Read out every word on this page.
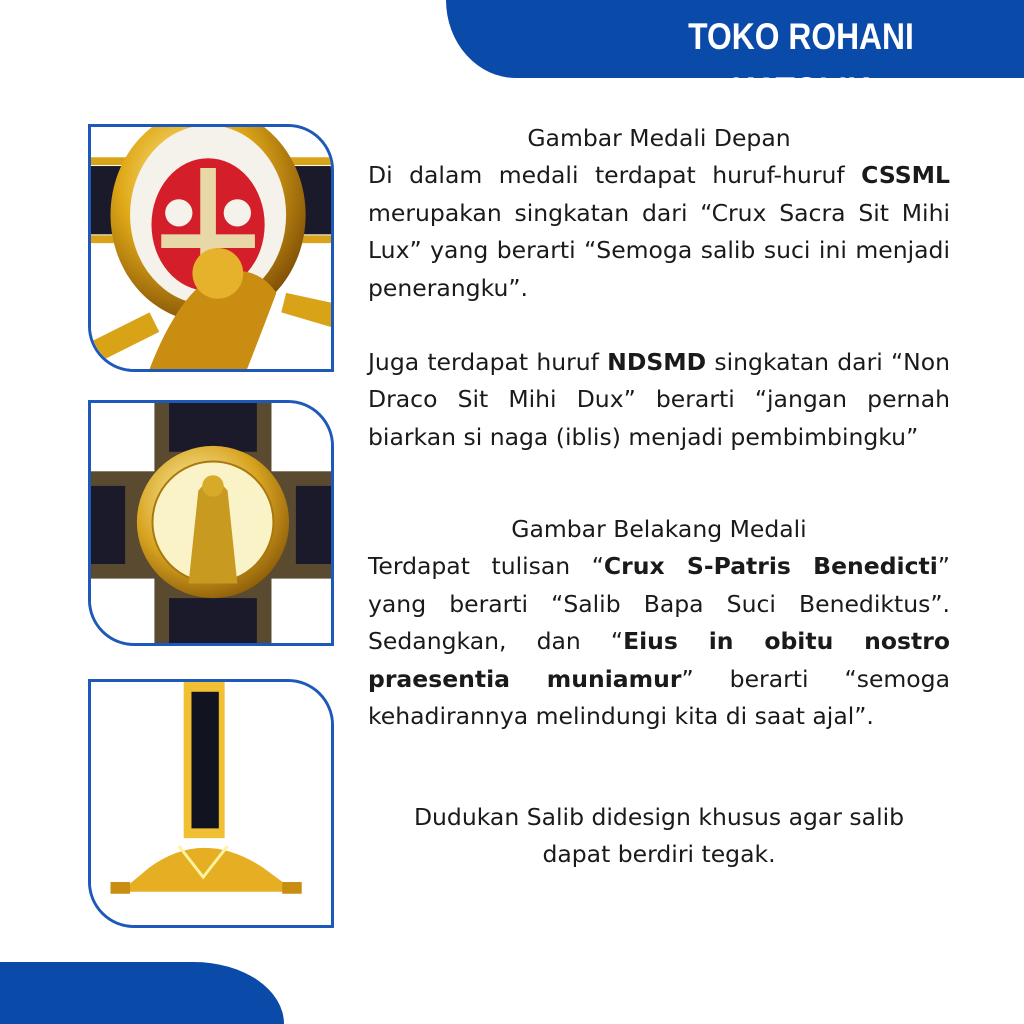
TOKO ROHANI KATOLIK
Gambar Medali Depan
Di dalam medali terdapat huruf-huruf CSSML merupakan singkatan dari “Crux Sacra Sit Mihi Lux” yang berarti “Semoga salib suci ini menjadi penerangku”.
Juga terdapat huruf NDSMD singkatan dari “Non Draco Sit Mihi Dux” berarti “jangan pernah biarkan si naga (iblis) menjadi pembimbingku”
Gambar Belakang Medali
Terdapat tulisan “Crux S-Patris Benedicti” yang berarti “Salib Bapa Suci Benediktus”. Sedangkan, dan “Eius in obitu nostro praesentia muniamur” berarti “semoga kehadirannya melindungi kita di saat ajal”.
Dudukan Salib didesign khusus agar salib
dapat berdiri tegak.
